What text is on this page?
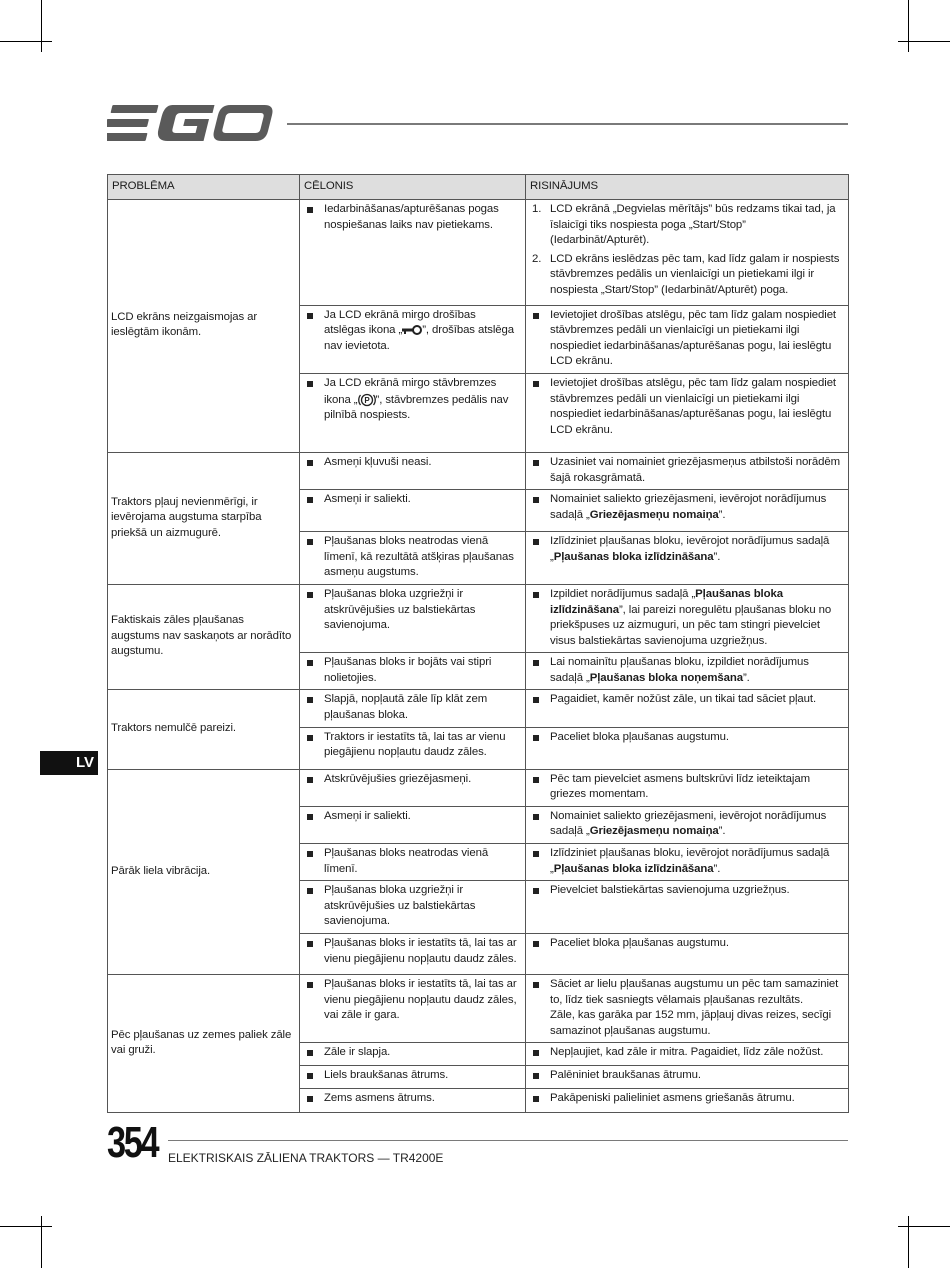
LV
PROBLĒMA	CĒLONIS	RISINĀJUMS
LCD ekrāns neizgaismojas ar ieslēgtām ikonām.	Iedarbināšanas/apturēšanas pogas nospiešanas laiks nav pietiekams.	1. LCD ekrānā „Degvielas mērītājs” būs redzams tikai tad, ja īslaicīgi tiks nospiesta poga „Start/Stop” (Iedarbināt/Apturēt).
2. LCD ekrāns ieslēdzas pēc tam, kad līdz galam ir nospiests stāvbremzes pedālis un vienlaicīgi un pietiekami ilgi ir nospiesta „Start/Stop” (Iedarbināt/Apturēt) poga.

	Ja LCD ekrānā mirgo drošības atslēgas ikona „ ”, drošības atslēga nav ievietota.	Ievietojiet drošības atslēgu, pēc tam līdz galam nospiediet stāvbremzes pedāli un vienlaicīgi un pietiekami ilgi nospiediet iedarbināšanas/apturēšanas pogu, lai ieslēgtu LCD ekrānu.

	Ja LCD ekrānā mirgo stāvbremzes ikona „ P ”, stāvbremzes pedālis nav pilnībā nospiests.	Ievietojiet drošības atslēgu, pēc tam līdz galam nospiediet stāvbremzes pedāli un vienlaicīgi un pietiekami ilgi nospiediet iedarbināšanas/apturēšanas pogu, lai ieslēgtu LCD ekrānu.

Traktors pļauj nevienmērīgi, ir ievērojama augstuma starpība priekšā un aizmugurē.	Asmeņi kļuvuši neasi.	Uzasiniet vai nomainiet griezējasmeņus atbilstoši norādēm šajā rokasgrāmatā.

	Asmeņi ir saliekti.	Nomainiet saliekto griezējasmeni, ievērojot norādījumus sadaļā „Griezējasmeņu nomaiņa”.

	Pļaušanas bloks neatrodas vienā līmenī, kā rezultātā atšķiras pļaušanas asmeņu augstums.	Izlīdziniet pļaušanas bloku, ievērojot norādījumus sadaļā „Pļaušanas bloka izlīdzināšana”.

Faktiskais zāles pļaušanas augstums nav saskaņots ar norādīto augstumu.	Pļaušanas bloka uzgriežņi ir atskrūvējušies uz balstiekārtas savienojuma.	Izpildiet norādījumus sadaļā „Pļaušanas bloka izlīdzināšana”, lai pareizi noregulētu pļaušanas bloku no priekšpuses uz aizmuguri, un pēc tam stingri pievelciet visus balstiekārtas savienojuma uzgriežņus.

	Pļaušanas bloks ir bojāts vai stipri nolietojies.	Lai nomainītu pļaušanas bloku, izpildiet norādījumus sadaļā „Pļaušanas bloka noņemšana”.

Traktors nemulčē pareizi.	Slapjā, nopļautā zāle līp klāt zem pļaušanas bloka.	Pagaidiet, kamēr nožūst zāle, un tikai tad sāciet pļaut.

	Traktors ir iestatīts tā, lai tas ar vienu piegājienu nopļautu daudz zāles.	Paceliet bloka pļaušanas augstumu.

Pārāk liela vibrācija.	Atskrūvējušies griezējasmeņi.	Pēc tam pievelciet asmens bultskrūvi līdz ieteiktajam griezes momentam.

	Asmeņi ir saliekti.	Nomainiet saliekto griezējasmeni, ievērojot norādījumus sadaļā „Griezējasmeņu nomaiņa”.

	Pļaušanas bloks neatrodas vienā līmenī.	Izlīdziniet pļaušanas bloku, ievērojot norādījumus sadaļā „Pļaušanas bloka izlīdzināšana”.

	Pļaušanas bloka uzgriežņi ir atskrūvējušies uz balstiekārtas savienojuma.	Pievelciet balstiekārtas savienojuma uzgriežņus.

	Pļaušanas bloks ir iestatīts tā, lai tas ar vienu piegājienu nopļautu daudz zāles.	Paceliet bloka pļaušanas augstumu.

Pēc pļaušanas uz zemes paliek zāle vai gruži.	Pļaušanas bloks ir iestatīts tā, lai tas ar vienu piegājienu nopļautu daudz zāles, vai zāle ir gara.	Sāciet ar lielu pļaušanas augstumu un pēc tam samaziniet to, līdz tiek sasniegts vēlamais pļaušanas rezultāts.
Zāle, kas garāka par 152 mm, jāpļauj divas reizes, secīgi samazinot pļaušanas augstumu.

	Zāle ir slapja.	Nepļaujiet, kad zāle ir mitra. Pagaidiet, līdz zāle nožūst.

	Liels braukšanas ātrums.	Palēniniet braukšanas ātrumu.

	Zems asmens ātrums.	Pakāpeniski palieliniet asmens griešanās ātrumu.
354 ELEKTRISKAIS ZĀLIENA TRAKTORS — TR4200E
